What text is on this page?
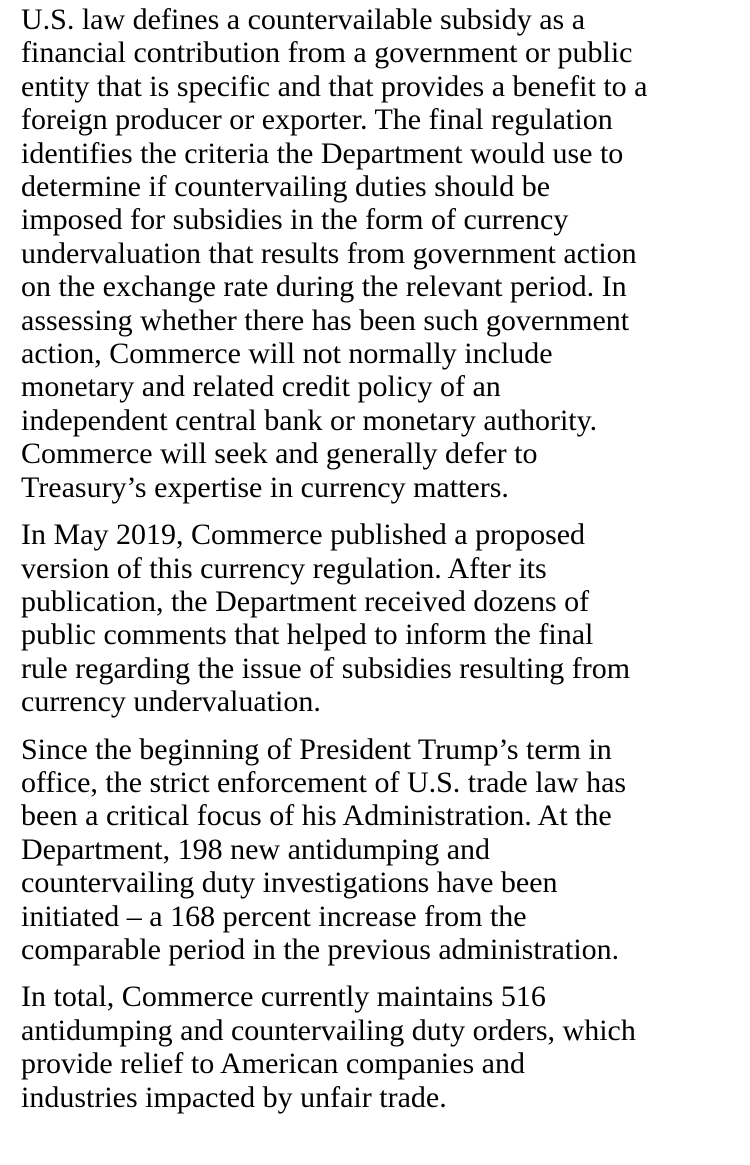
U.S. law defines a countervailable subsidy as a
financial contribution from a government or public
entity that is specific and that provides a benefit to a
foreign producer or exporter. The final regulation
identifies the criteria the Department would use to
determine if countervailing duties should be
imposed for subsidies in the form of currency
undervaluation that results from government action
on the exchange rate during the relevant period. In
assessing whether there has been such government
action, Commerce will not normally include
monetary and related credit policy of an
independent central bank or monetary authority.
Commerce will seek and generally defer to
Treasury’s expertise in currency matters.

In May 2019, Commerce published a proposed
version of this currency regulation. After its
publication, the Department received dozens of
public comments that helped to inform the final
rule regarding the issue of subsidies resulting from
currency undervaluation.

Since the beginning of President Trump’s term in
office, the strict enforcement of U.S. trade law has
been a critical focus of his Administration. At the
Department, 198 new antidumping and
countervailing duty investigations have been
initiated – a 168 percent increase from the
comparable period in the previous administration.

In total, Commerce currently maintains 516
antidumping and countervailing duty orders, which
provide relief to American companies and
industries impacted by unfair trade.
